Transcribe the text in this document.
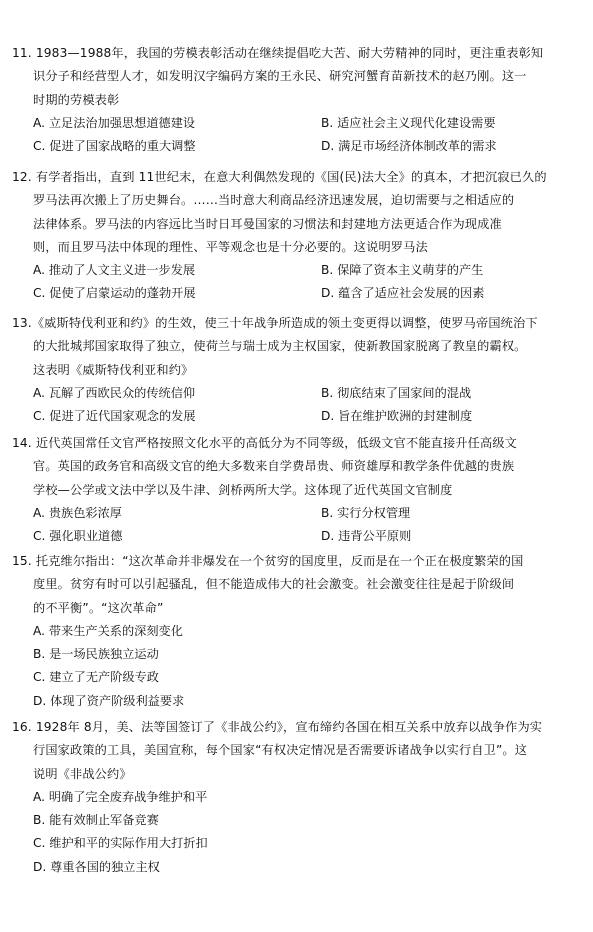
11. 1983—1988年，我国的劳模表彰活动在继续提倡吃大苦、耐大劳精神的同时，更注重表彰知
识分子和经营型人才，如发明汉字编码方案的王永民、研究河蟹育苗新技术的赵乃刚。这一
时期的劳模表彰
A. 立足法治加强思想道德建设	B. 适应社会主义现代化建设需要
C. 促进了国家战略的重大调整	D. 满足市场经济体制改革的需求
12. 有学者指出，直到 11世纪末，在意大利偶然发现的《国(民)法大全》的真本，才把沉寂已久的
罗马法再次搬上了历史舞台。……当时意大利商品经济迅速发展，迫切需要与之相适应的
法律体系。罗马法的内容远比当时日耳曼国家的习惯法和封建地方法更适合作为现成准
则，而且罗马法中体现的理性、平等观念也是十分必要的。这说明罗马法
A. 推动了人文主义进一步发展	B. 保障了资本主义萌芽的产生
C. 促使了启蒙运动的蓬勃开展	D. 蕴含了适应社会发展的因素
13.《威斯特伐利亚和约》的生效，使三十年战争所造成的领土变更得以调整，使罗马帝国统治下
的大批城邦国家取得了独立，使荷兰与瑞士成为主权国家，使新教国家脱离了教皇的霸权。
这表明《威斯特伐利亚和约》
A. 瓦解了西欧民众的传统信仰	B. 彻底结束了国家间的混战
C. 促进了近代国家观念的发展	D. 旨在维护欧洲的封建制度
14. 近代英国常任文官严格按照文化水平的高低分为不同等级，低级文官不能直接升任高级文
官。英国的政务官和高级文官的绝大多数来自学费昂贵、师资雄厚和教学条件优越的贵族
学校—公学或文法中学以及牛津、剑桥两所大学。这体现了近代英国文官制度
A. 贵族色彩浓厚	B. 实行分权管理
C. 强化职业道德	D. 违背公平原则
15. 托克维尔指出：“这次革命并非爆发在一个贫穷的国度里，反而是在一个正在极度繁荣的国
度里。贫穷有时可以引起骚乱，但不能造成伟大的社会激变。社会激变往往是起于阶级间
的不平衡”。“这次革命”
A. 带来生产关系的深刻变化
B. 是一场民族独立运动
C. 建立了无产阶级专政
D. 体现了资产阶级利益要求
16. 1928年 8月，美、法等国签订了《非战公约》，宣布缔约各国在相互关系中放弃以战争作为实
行国家政策的工具，美国宣称，每个国家“有权决定情况是否需要诉诸战争以实行自卫”。这
说明《非战公约》
A. 明确了完全废弃战争维护和平
B. 能有效制止军备竞赛
C. 维护和平的实际作用大打折扣
D. 尊重各国的独立主权
